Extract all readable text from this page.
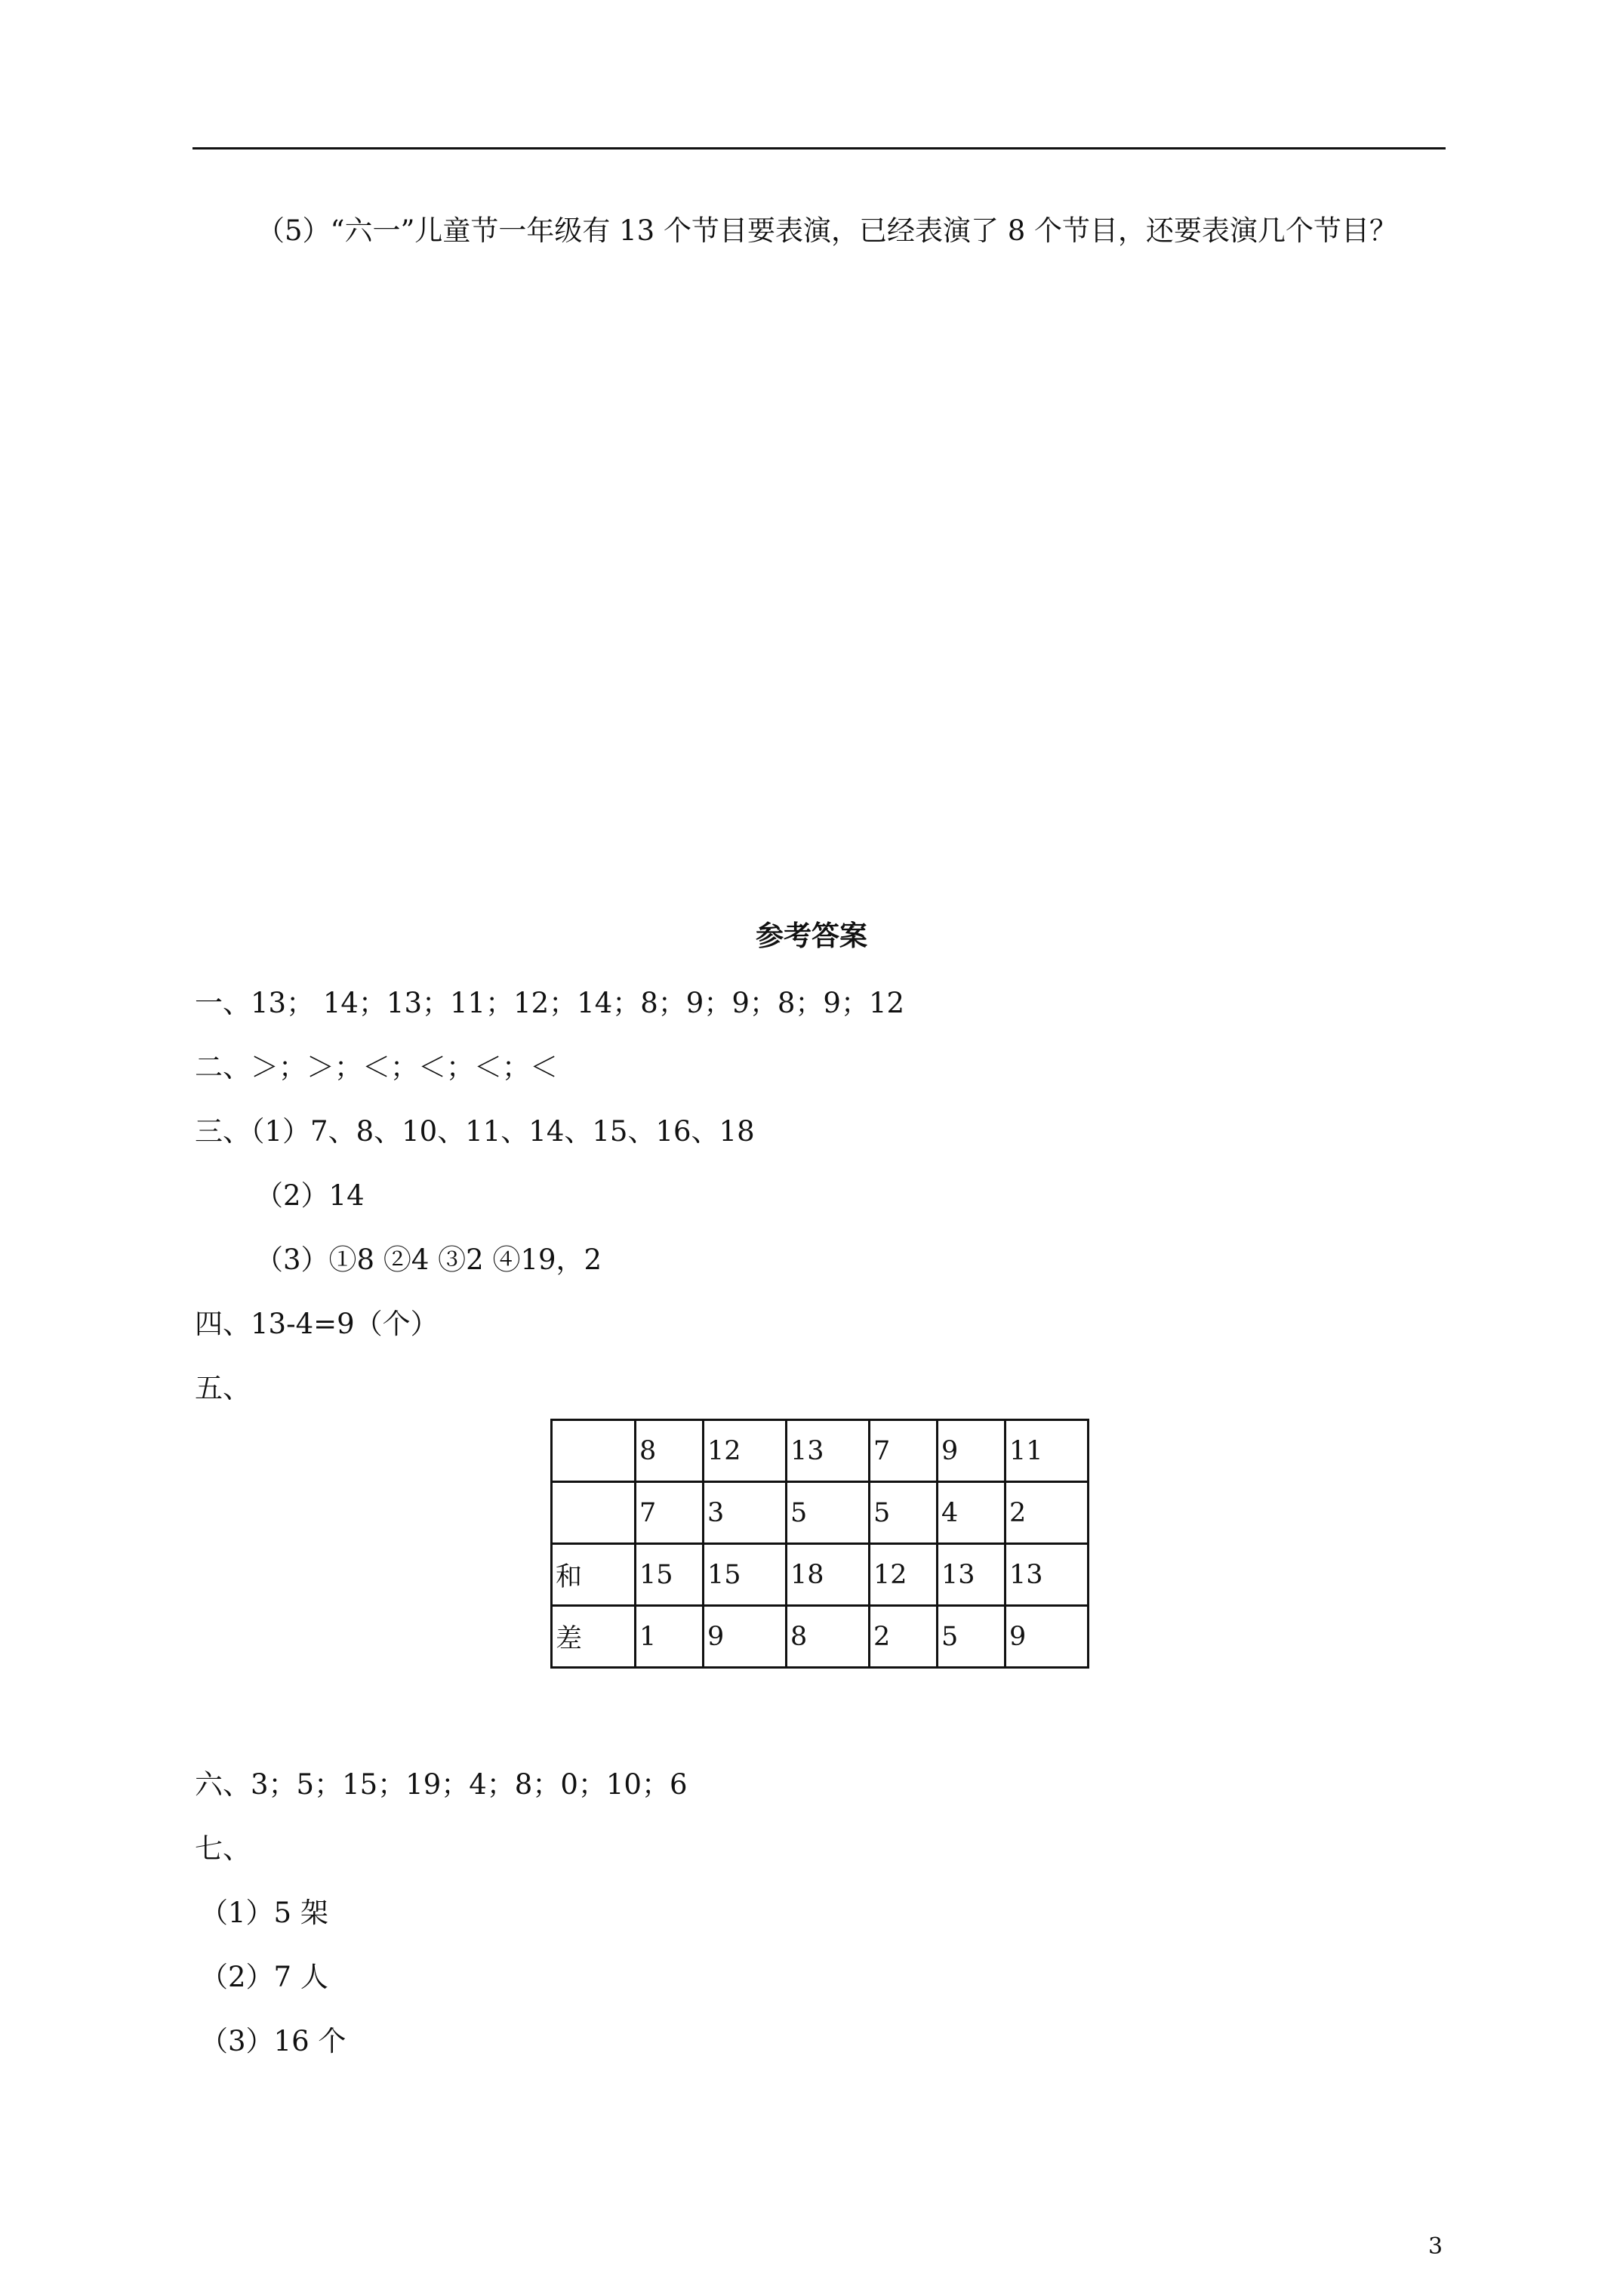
（5）“六一”儿童节一年级有 13 个节目要表演，已经表演了 8 个节目，还要表演几个节目？
参考答案
一、13； 14；13；11；12；14；8；9；9；8；9；12
二、＞；＞；＜；＜；＜；＜
三、（1）7、8、10、11、14、15、16、18
（2）14
（3）①8 ②4 ③2 ④19，2
四、13-4=9（个）
五、
	8	12	13	7	9	11
	7	3	5	5	4	2
和	15	15	18	12	13	13
差	1	9	8	2	5	9
六、3；5；15；19；4；8；0；10；6
七、
（1）5 架
（2）7 人
（3）16 个
3
